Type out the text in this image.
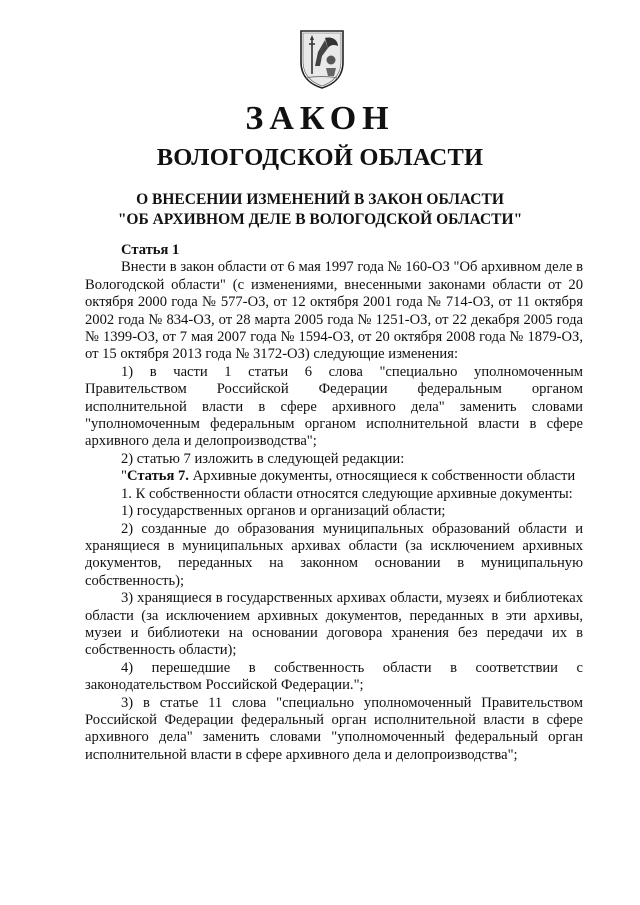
ЗАКОН
ВОЛОГОДСКОЙ ОБЛАСТИ
О ВНЕСЕНИИ ИЗМЕНЕНИЙ В ЗАКОН ОБЛАСТИ
"ОБ АРХИВНОМ ДЕЛЕ В ВОЛОГОДСКОЙ ОБЛАСТИ"

Статья 1

Внести в закон области от 6 мая 1997 года № 160-ОЗ "Об архивном деле в Вологодской области" (с изменениями, внесенными законами области от 20 октября 2000 года № 577-ОЗ, от 12 октября 2001 года № 714-ОЗ, от 11 октября 2002 года № 834-ОЗ, от 28 марта 2005 года № 1251-ОЗ, от 22 декабря 2005 года № 1399-ОЗ, от 7 мая 2007 года № 1594-ОЗ, от 20 октября 2008 года № 1879-ОЗ, от 15 октября 2013 года № 3172-ОЗ) следующие изменения:

1) в части 1 статьи 6 слова "специально уполномоченным Правительством Российской Федерации федеральным органом исполнительной власти в сфере архивного дела" заменить словами "уполномоченным федеральным органом исполнительной власти в сфере архивного дела и делопроизводства";

2) статью 7 изложить в следующей редакции:

"Статья 7. Архивные документы, относящиеся к собственности области

1. К собственности области относятся следующие архивные документы:

1) государственных органов и организаций области;

2) созданные до образования муниципальных образований области и хранящиеся в муниципальных архивах области (за исключением архивных документов, переданных на законном основании в муниципальную собственность);

3) хранящиеся в государственных архивах области, музеях и библиотеках области (за исключением архивных документов, переданных в эти архивы, музеи и библиотеки на основании договора хранения без передачи их в собственность области);

4) перешедшие в собственность области в соответствии с законодательством Российской Федерации.";

3) в статье 11 слова "специально уполномоченный Правительством Российской Федерации федеральный орган исполнительной власти в сфере архивного дела" заменить словами "уполномоченный федеральный орган исполнительной власти в сфере архивного дела и делопроизводства";
